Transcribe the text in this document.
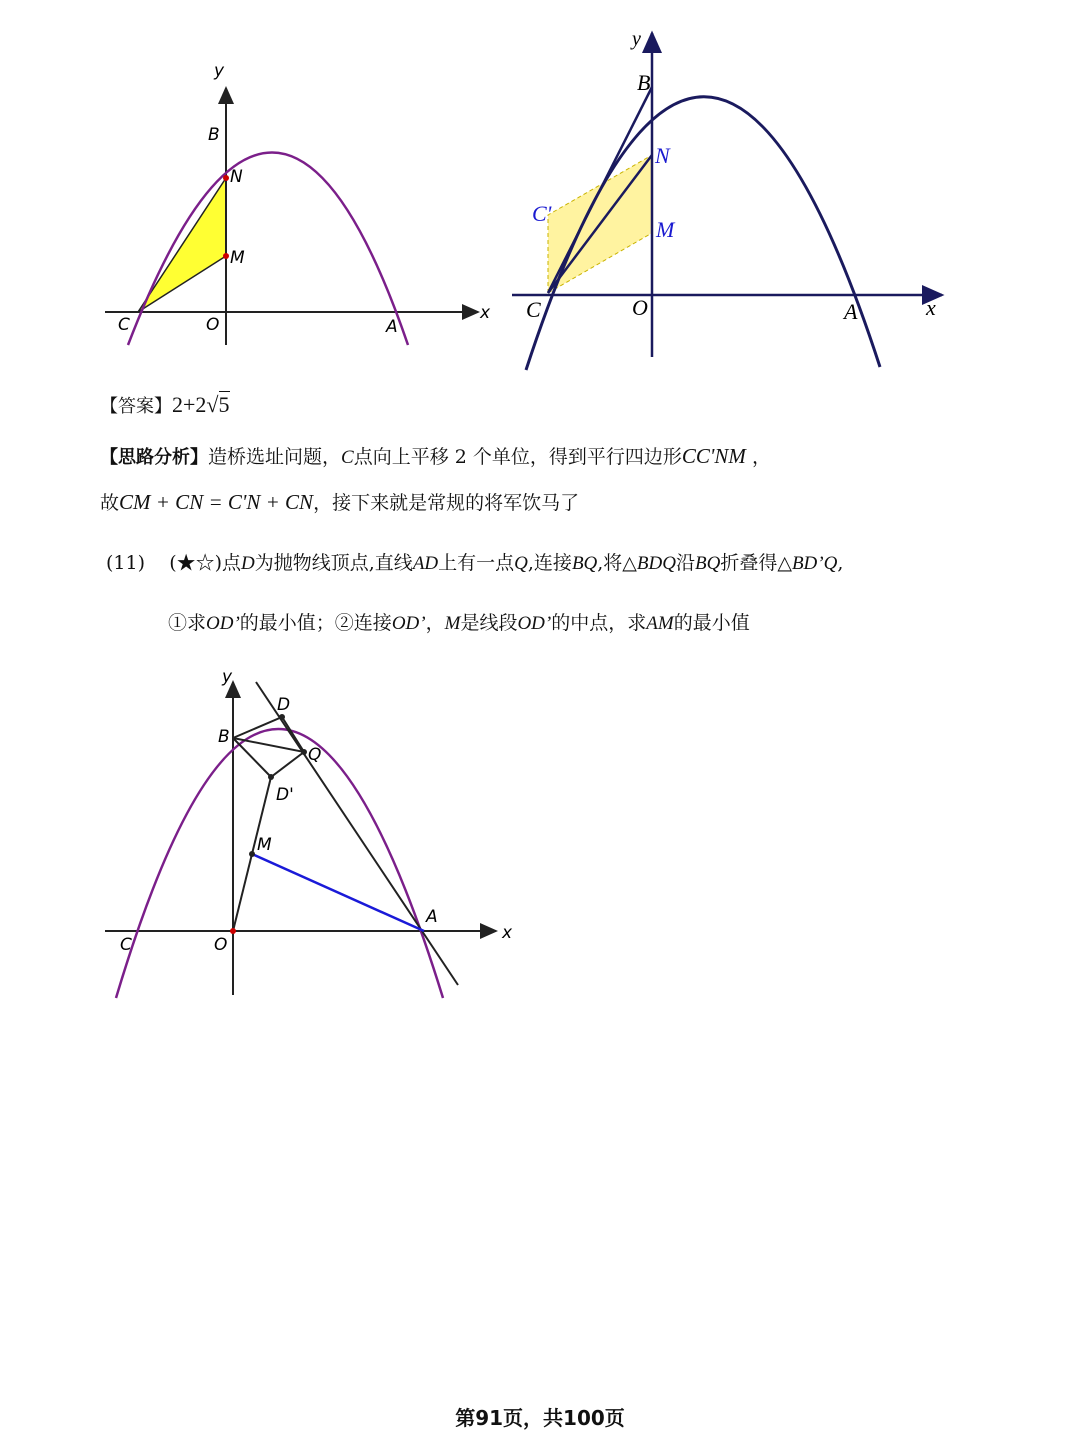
y
x
B
N
M
C	O	A
y
x
B
N
M
C'
C	O	A
【答案】2+2√5
【思路分析】造桥选址问题，C点向上平移 2 个单位，得到平行四边形CC'NM ，
故CM + CN = C'N + CN，接下来就是常规的将军饮马了
(11) (★☆)点D为抛物线顶点,直线AD上有一点Q,连接BQ,将△BDQ沿BQ折叠得△BD’Q,
①求OD’的最小值；②连接OD’，M是线段OD’的中点，求AM的最小值
y
x
D
B
Q
D'
M
A
C	O
第91页，共100页
